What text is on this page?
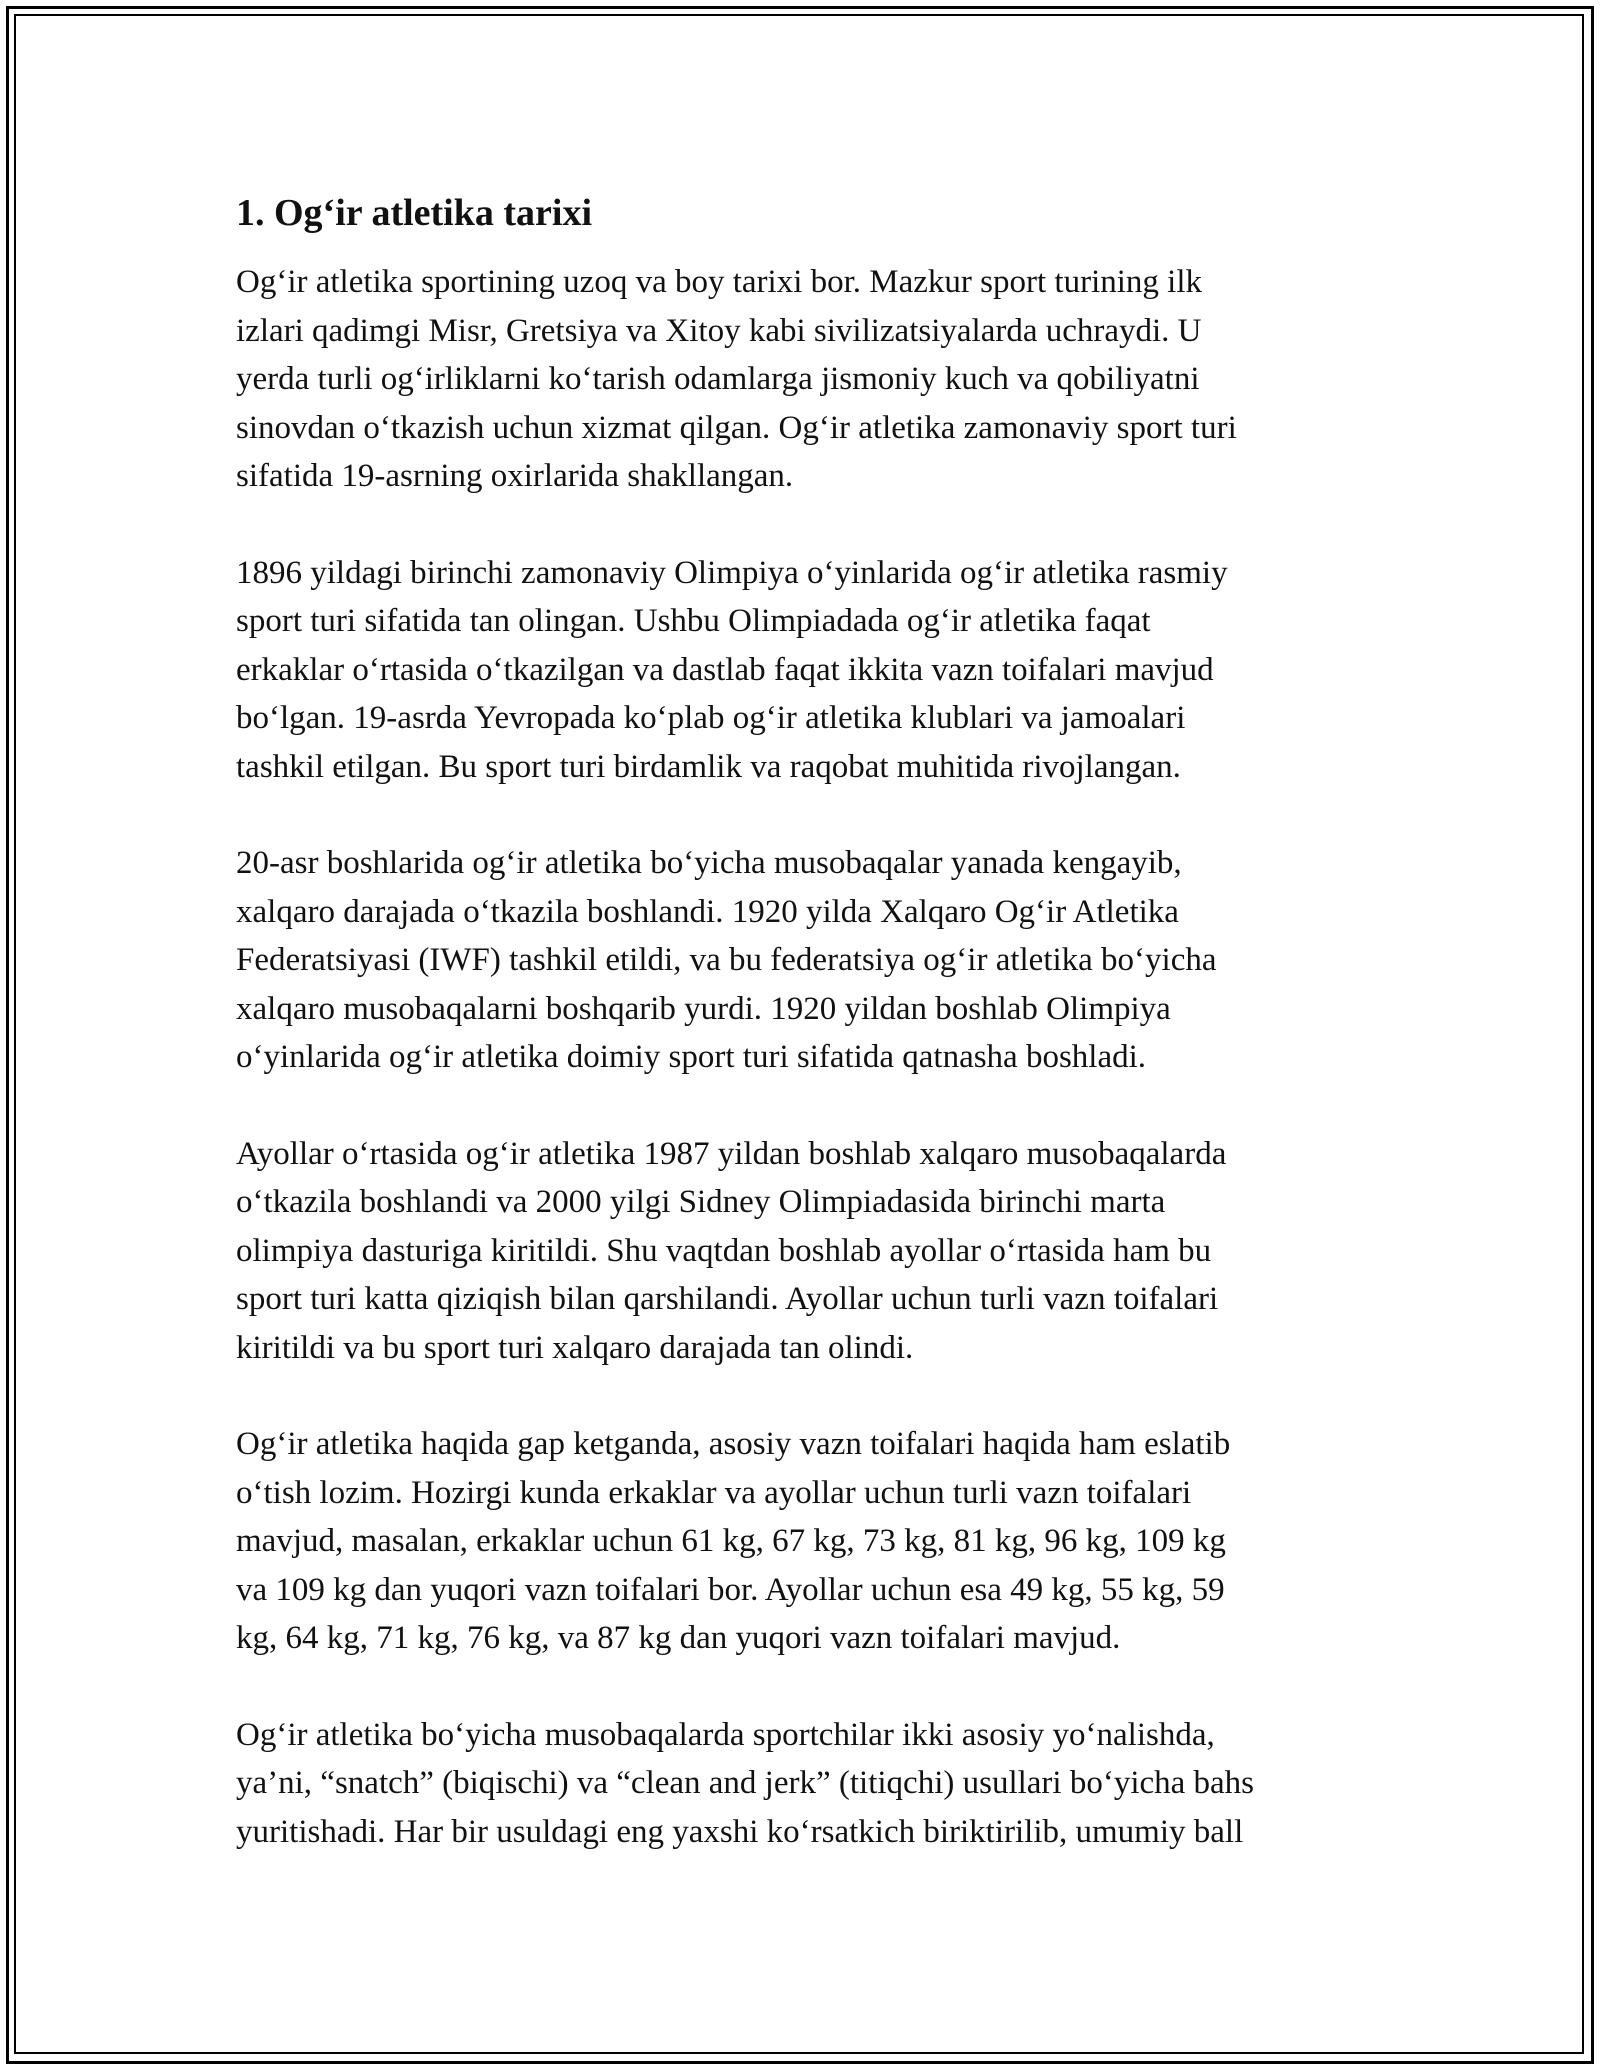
1. Og‘ir atletika tarixi

Og‘ir atletika sportining uzoq va boy tarixi bor. Mazkur sport turining ilk
izlari qadimgi Misr, Gretsiya va Xitoy kabi sivilizatsiyalarda uchraydi. U
yerda turli og‘irliklarni ko‘tarish odamlarga jismoniy kuch va qobiliyatni
sinovdan o‘tkazish uchun xizmat qilgan. Og‘ir atletika zamonaviy sport turi
sifatida 19-asrning oxirlarida shakllangan.

1896 yildagi birinchi zamonaviy Olimpiya o‘yinlarida og‘ir atletika rasmiy
sport turi sifatida tan olingan. Ushbu Olimpiadada og‘ir atletika faqat
erkaklar o‘rtasida o‘tkazilgan va dastlab faqat ikkita vazn toifalari mavjud
bo‘lgan. 19-asrda Yevropada ko‘plab og‘ir atletika klublari va jamoalari
tashkil etilgan. Bu sport turi birdamlik va raqobat muhitida rivojlangan.

20-asr boshlarida og‘ir atletika bo‘yicha musobaqalar yanada kengayib,
xalqaro darajada o‘tkazila boshlandi. 1920 yilda Xalqaro Og‘ir Atletika
Federatsiyasi (IWF) tashkil etildi, va bu federatsiya og‘ir atletika bo‘yicha
xalqaro musobaqalarni boshqarib yurdi. 1920 yildan boshlab Olimpiya
o‘yinlarida og‘ir atletika doimiy sport turi sifatida qatnasha boshladi.

Ayollar o‘rtasida og‘ir atletika 1987 yildan boshlab xalqaro musobaqalarda
o‘tkazila boshlandi va 2000 yilgi Sidney Olimpiadasida birinchi marta
olimpiya dasturiga kiritildi. Shu vaqtdan boshlab ayollar o‘rtasida ham bu
sport turi katta qiziqish bilan qarshilandi. Ayollar uchun turli vazn toifalari
kiritildi va bu sport turi xalqaro darajada tan olindi.

Og‘ir atletika haqida gap ketganda, asosiy vazn toifalari haqida ham eslatib
o‘tish lozim. Hozirgi kunda erkaklar va ayollar uchun turli vazn toifalari
mavjud, masalan, erkaklar uchun 61 kg, 67 kg, 73 kg, 81 kg, 96 kg, 109 kg
va 109 kg dan yuqori vazn toifalari bor. Ayollar uchun esa 49 kg, 55 kg, 59
kg, 64 kg, 71 kg, 76 kg, va 87 kg dan yuqori vazn toifalari mavjud.

Og‘ir atletika bo‘yicha musobaqalarda sportchilar ikki asosiy yo‘nalishda,
ya’ni, “snatch” (biqischi) va “clean and jerk” (titiqchi) usullari bo‘yicha bahs
yuritishadi. Har bir usuldagi eng yaxshi ko‘rsatkich biriktirilib, umumiy ball
